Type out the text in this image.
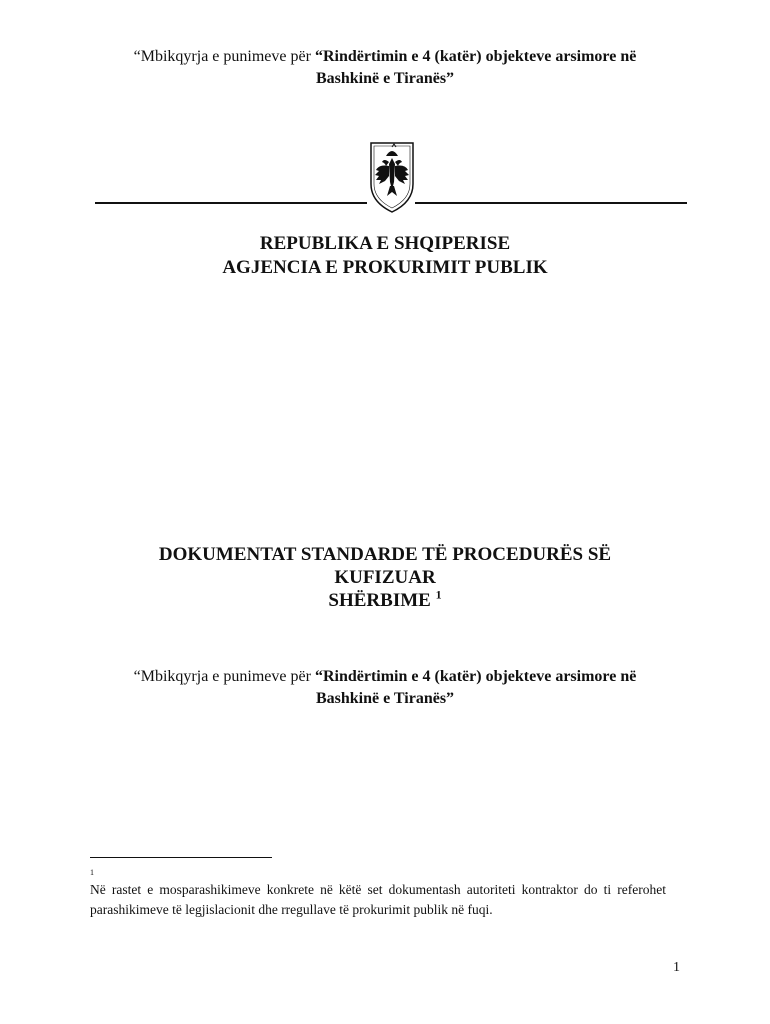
“Mbikqyrja e punimeve për “Rindërtimin e 4 (katër) objekteve arsimore në
Bashkinë e Tiranës”
REPUBLIKA E SHQIPERISE
AGJENCIA E PROKURIMIT PUBLIK
DOKUMENTAT STANDARDE TË PROCEDURËS SË
KUFIZUAR
SHËRBIME $^1$
“Mbikqyrja e punimeve për “Rindërtimin e 4 (katër) objekteve arsimore në
Bashkinë e Tiranës”
1
Në rastet e mosparashikimeve konkrete në këtë set dokumentash autoriteti kontraktor do ti referohet parashikimeve të legjislacionit dhe rregullave të prokurimit publik në fuqi.
1
